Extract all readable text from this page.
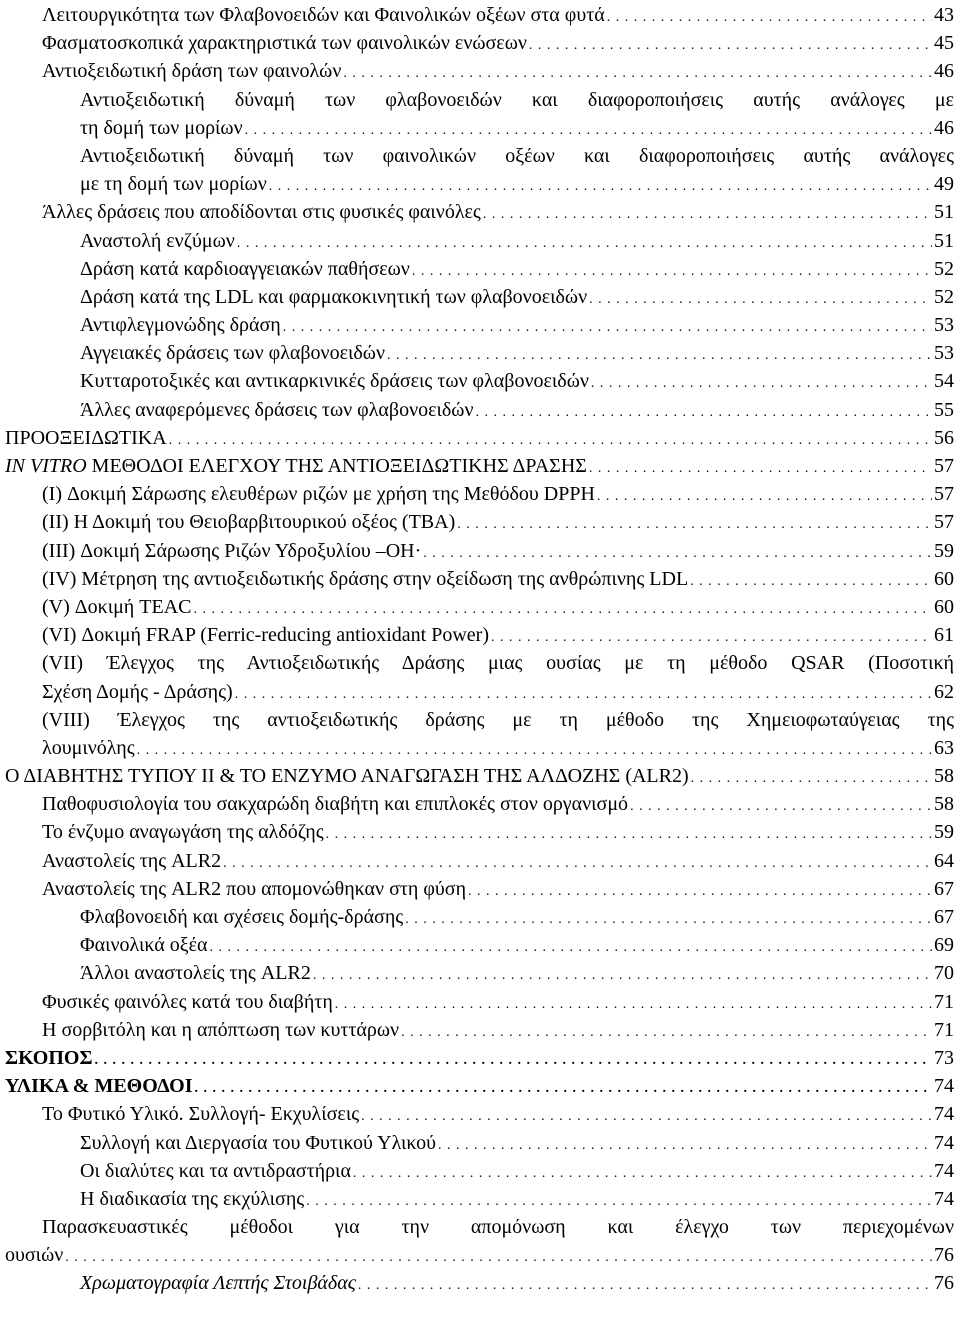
Λειτουργικότητα των Φλαβονοειδών και Φαινολικών οξέων στα φυτά . . .	43
Φασματοσκοπικά χαρακτηριστικά των φαινολικών ενώσεων . . .	45
Αντιοξειδωτική δράση των φαινολών . . .	46
Αντιοξειδωτική δύναμή των φλαβονοειδών και διαφοροποιήσεις αυτής ανάλογες με
τη δομή των μορίων . . .	46
Αντιοξειδωτική δύναμή των φαινολικών οξέων και διαφοροποιήσεις αυτής ανάλογες
με τη δομή των μορίων . . .	49
Άλλες δράσεις που αποδίδονται στις φυσικές φαινόλες . . .	51
Αναστολή ενζύμων . . .	51
Δράση κατά καρδιοαγγειακών παθήσεων . . .	52
Δράση κατά της LDL και φαρμακοκινητική των φλαβονοειδών . . .	52
Αντιφλεγμονώδης δράση . . .	53
Αγγειακές δράσεις των φλαβονοειδών . . .	53
Κυτταροτοξικές και αντικαρκινικές δράσεις των φλαβονοειδών . . .	54
Άλλες αναφερόμενες δράσεις των φλαβονοειδών . . .	55
ΠΡΟΟΞΕΙΔΩΤΙΚΑ . . .	56
IN VITRO ΜΕΘΟΔΟΙ ΕΛΕΓΧΟΥ ΤΗΣ ΑΝΤΙΟΞΕΙΔΩΤΙΚΗΣ ΔΡΑΣΗΣ . . .	57
(I) Δοκιμή Σάρωσης ελευθέρων ριζών με χρήση της Μεθόδου DPPH . . .	57
(II) Η Δοκιμή του Θειοβαρβιτουρικού οξέος (TBA) . . .	57
(III) Δοκιμή Σάρωσης Ριζών Υδροξυλίου –OH· . . .	59
(IV) Μέτρηση της αντιοξειδωτικής δράσης στην οξείδωση της ανθρώπινης LDL . . .	60
(V) Δοκιμή TEAC . . .	60
(VI) Δοκιμή FRAP (Ferric-reducing antioxidant Power) . . .	61
(VII) Έλεγχος της Αντιοξειδωτικής Δράσης μιας ουσίας με τη μέθοδο QSAR (Ποσοτική
Σχέση Δομής - Δράσης) . . .	62
(VIII) Έλεγχος της αντιοξειδωτικής δράσης με τη μέθοδο της Χημειοφωταύγειας της
λουμινόλης . . .	63
Ο ΔΙΑΒΗΤΗΣ ΤΥΠΟΥ ΙΙ & ΤΟ ΕΝΖΥΜΟ ΑΝΑΓΩΓΑΣΗ ΤΗΣ ΑΛΔΟΖΗΣ (ALR2) . . .	58
Παθοφυσιολογία του σακχαρώδη διαβήτη και επιπλοκές στον οργανισμό . . .	58
Το ένζυμο αναγωγάση της αλδόζης . . .	59
Αναστολείς της ALR2 . . .	64
Αναστολείς της ALR2 που απομονώθηκαν στη φύση . . .	67
Φλαβονοειδή και σχέσεις δομής-δράσης . . .	67
Φαινολικά οξέα . . .	69
Άλλοι αναστολείς της ALR2 . . .	70
Φυσικές φαινόλες κατά του διαβήτη . . .	71
Η σορβιτόλη και η απόπτωση των κυττάρων . . .	71
ΣΚΟΠΟΣ . . .	73
ΥΛΙΚΑ & ΜΕΘΟΔΟΙ . . .	74
Το Φυτικό Υλικό. Συλλογή- Εκχυλίσεις . . .	74
Συλλογή και Διεργασία του Φυτικού Υλικού . . .	74
Οι διαλύτες και τα αντιδραστήρια . . .	74
Η διαδικασία της εκχύλισης . . .	74
Παρασκευαστικές μέθοδοι για την απομόνωση και έλεγχο των περιεχομένων
ουσιών . . .	76
Χρωματογραφία Λεπτής Στοιβάδας . . .	76
